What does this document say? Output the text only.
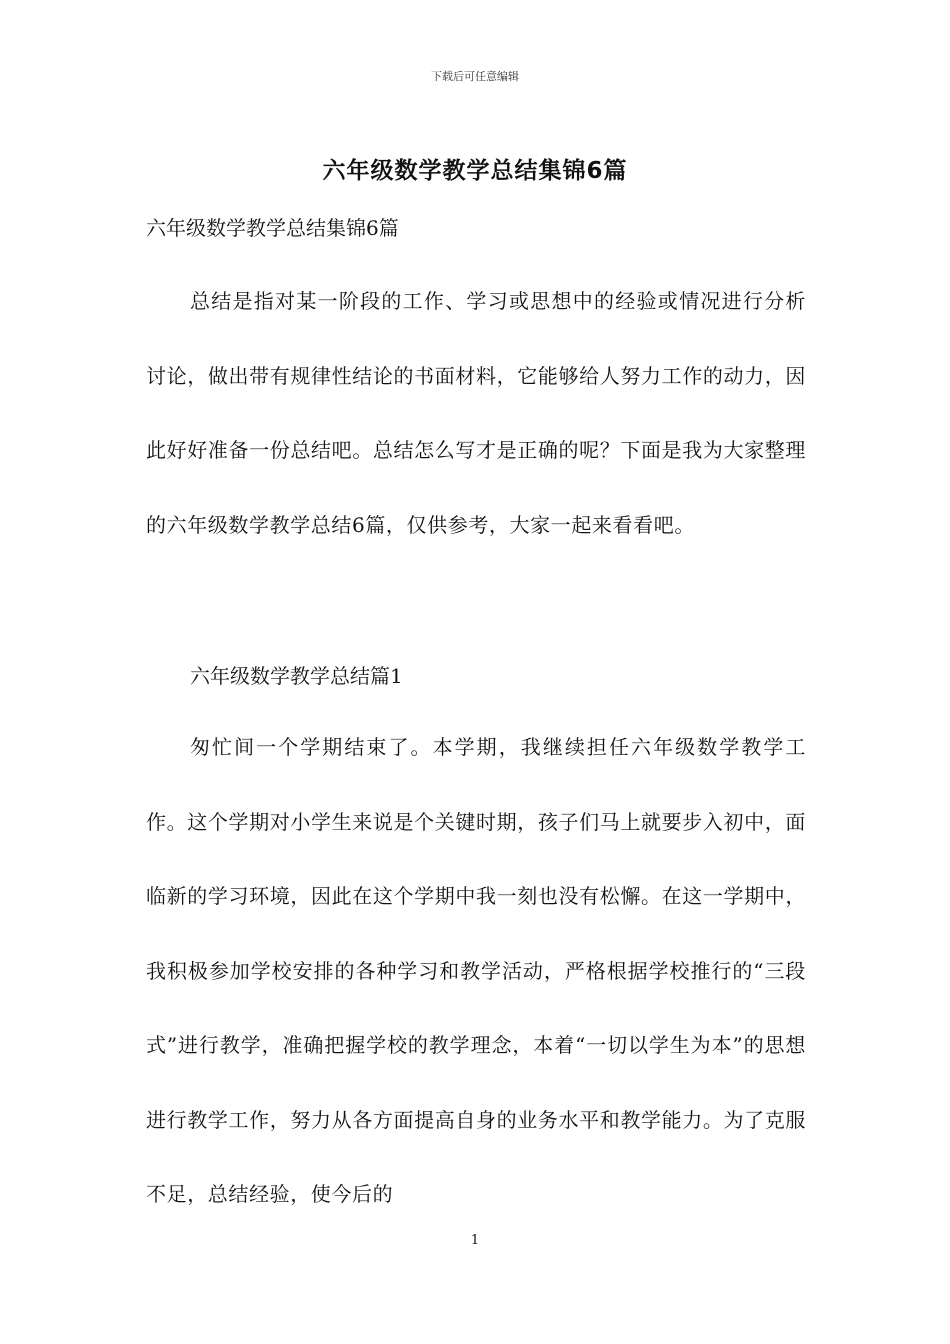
下载后可任意编辑
六年级数学教学总结集锦6篇
六年级数学教学总结集锦6篇

总结是指对某一阶段的工作、学习或思想中的经验或情况进行分析讨论，做出带有规律性结论的书面材料，它能够给人努力工作的动力，因此好好准备一份总结吧。总结怎么写才是正确的呢？下面是我为大家整理的六年级数学教学总结6篇，仅供参考，大家一起来看看吧。

六年级数学教学总结篇1

匆忙间一个学期结束了。本学期，我继续担任六年级数学教学工作。这个学期对小学生来说是个关键时期，孩子们马上就要步入初中，面临新的学习环境，因此在这个学期中我一刻也没有松懈。在这一学期中，我积极参加学校安排的各种学习和教学活动，严格根据学校推行的“三段式”进行教学，准确把握学校的教学理念，本着“一切以学生为本”的思想进行教学工作，努力从各方面提高自身的业务水平和教学能力。为了克服不足，总结经验，使今后的

1
